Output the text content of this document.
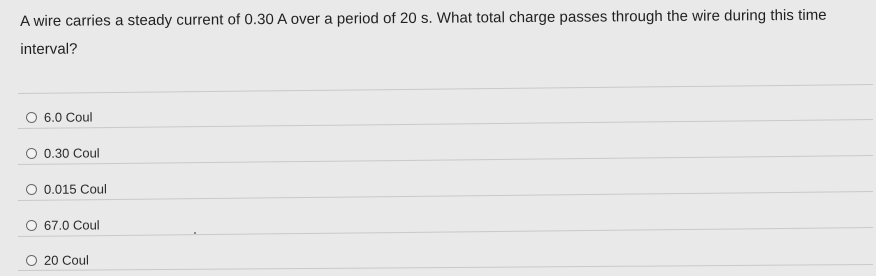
A wire carries a steady current of 0.30 A over a period of 20 s. What total charge passes through the wire during this time interval?
6.0 Coul
0.30 Coul
0.015 Coul
67.0 Coul
20 Coul
